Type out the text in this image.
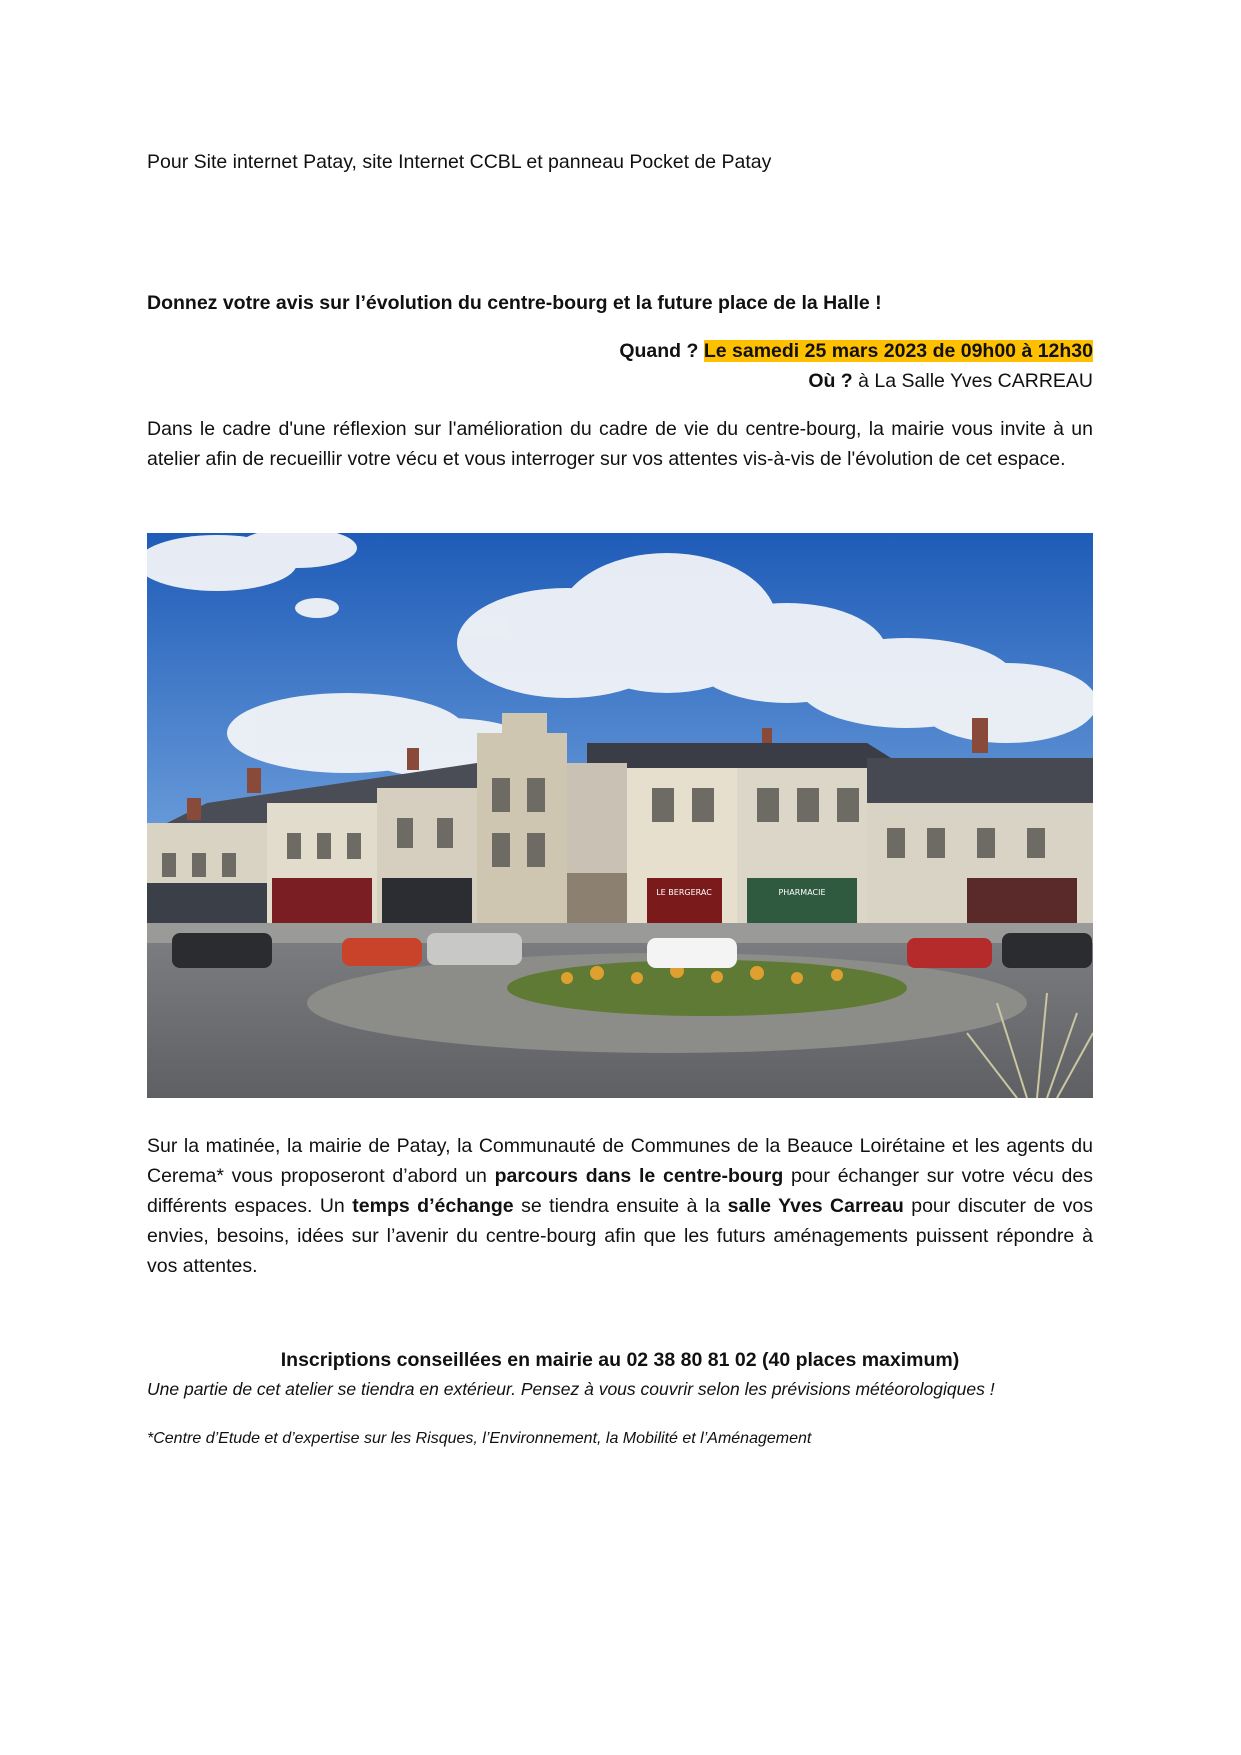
Pour Site internet Patay, site Internet CCBL et panneau Pocket de Patay
Donnez votre avis sur l’évolution du centre-bourg et la future place de la Halle !
Quand ? Le samedi 25 mars 2023 de 09h00 à 12h30
Où ? à La Salle Yves CARREAU
Dans le cadre d'une réflexion sur l'amélioration du cadre de vie du centre-bourg, la mairie vous invite à un atelier afin de recueillir votre vécu et vous interroger sur vos attentes vis-à-vis de l'évolution de cet espace.
LE BERGERAC	PHARMACIE
Sur la matinée, la mairie de Patay, la Communauté de Communes de la Beauce Loirétaine et les agents du Cerema* vous proposeront d’abord un parcours dans le centre-bourg pour échanger sur votre vécu des différents espaces. Un temps d’échange se tiendra ensuite à la salle Yves Carreau pour discuter de vos envies, besoins, idées sur l’avenir du centre-bourg afin que les futurs aménagements puissent répondre à vos attentes.
Inscriptions conseillées en mairie au 02 38 80 81 02 (40 places maximum)
Une partie de cet atelier se tiendra en extérieur. Pensez à vous couvrir selon les prévisions météorologiques !
*Centre d’Etude et d’expertise sur les Risques, l’Environnement, la Mobilité et l’Aménagement
